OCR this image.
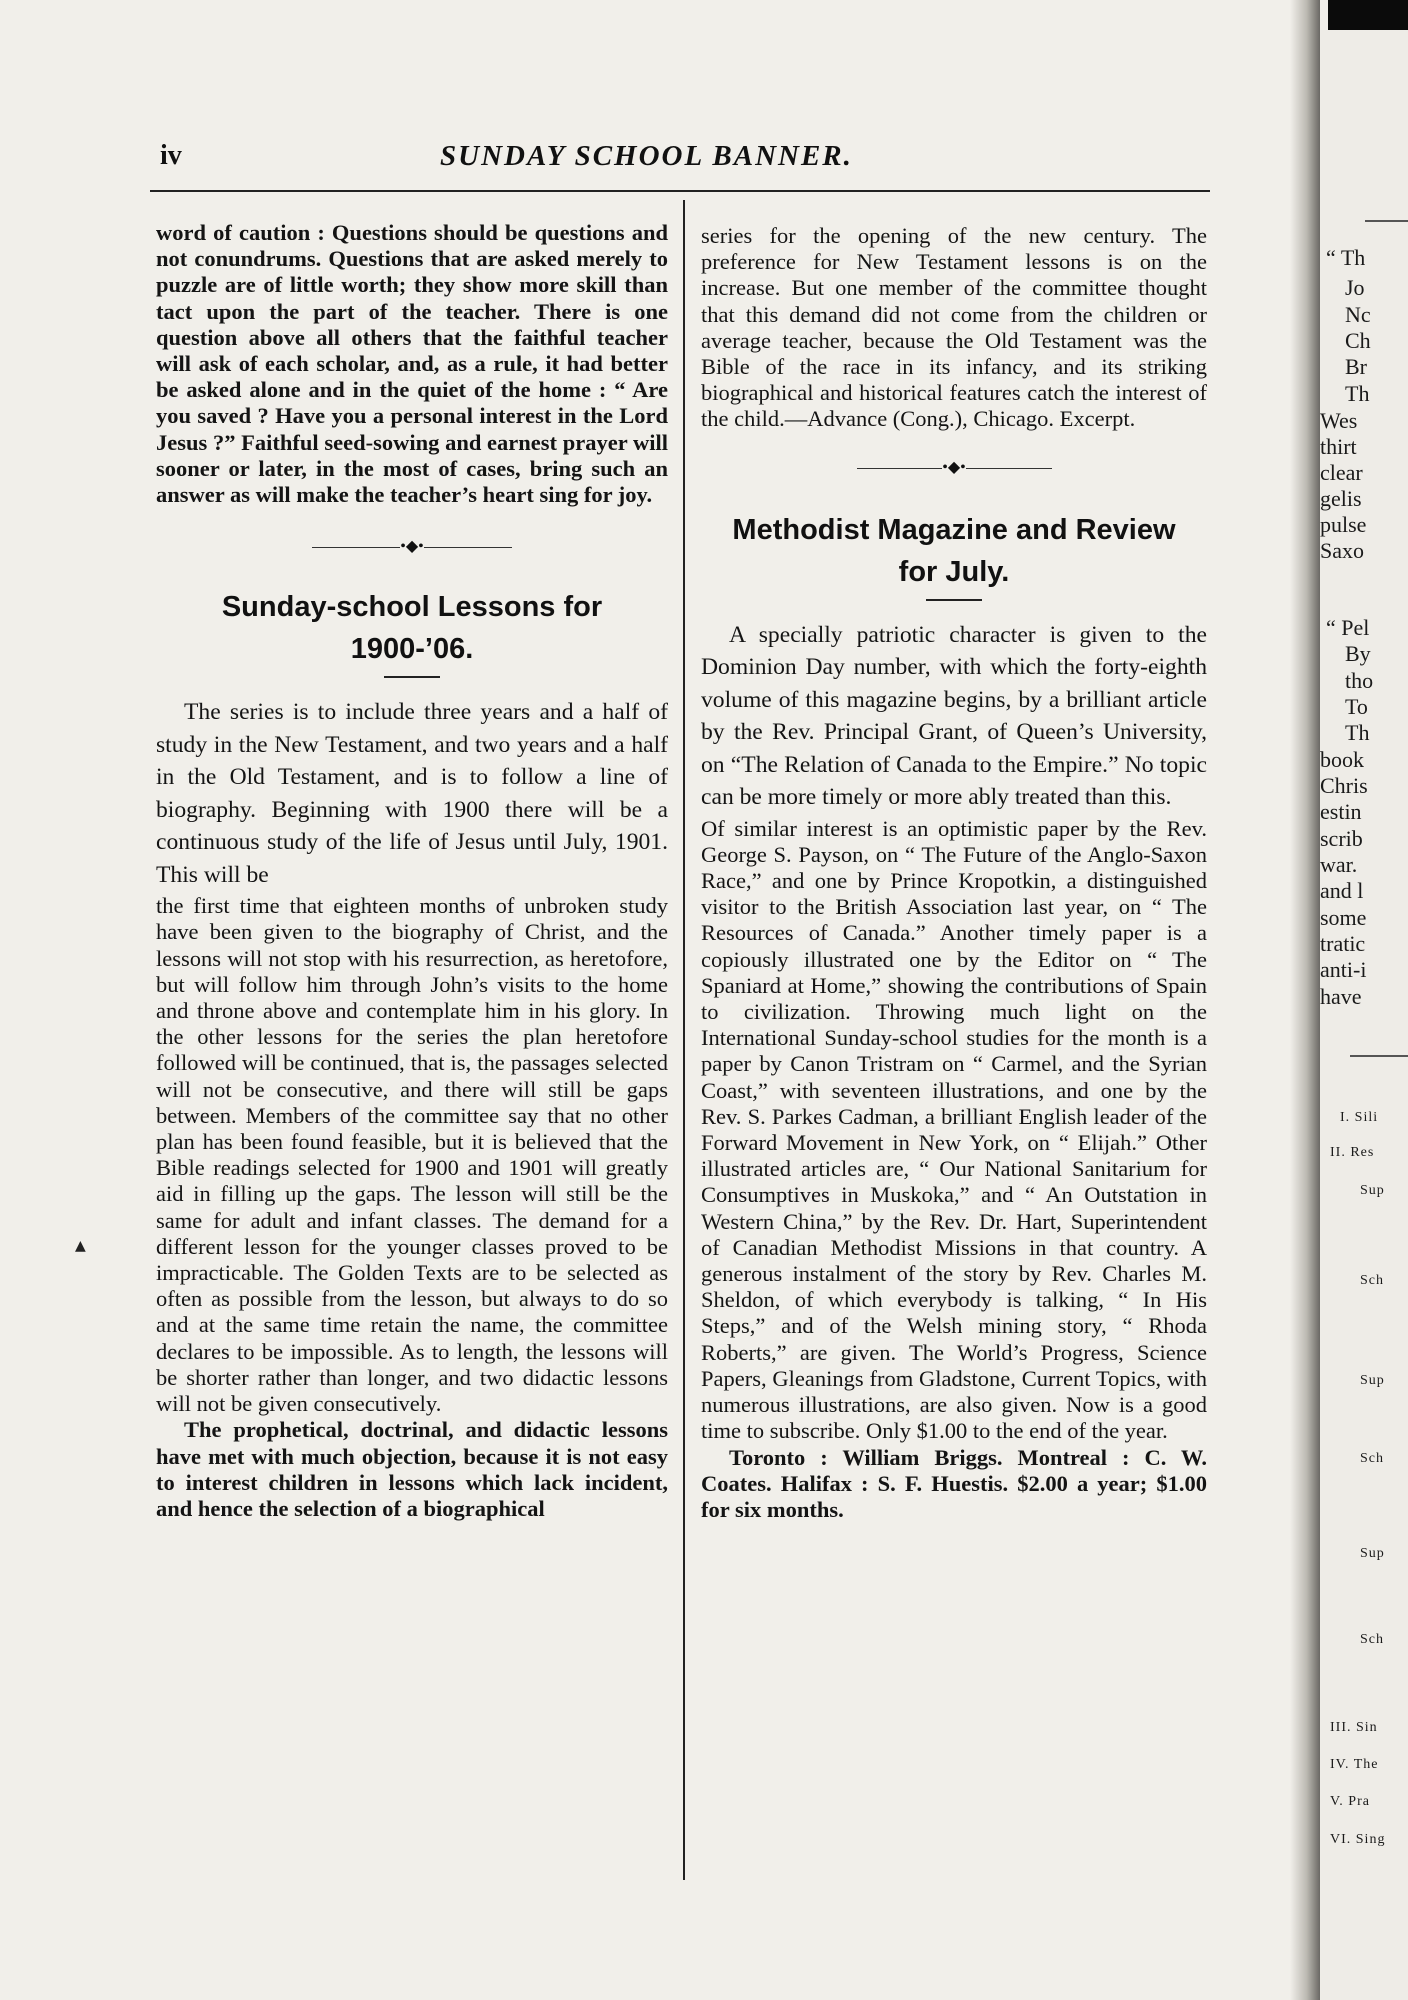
iv	SUNDAY SCHOOL BANNER.

word of caution : Questions should be questions and not conundrums. Questions that are asked merely to puzzle are of little worth; they show more skill than tact upon the part of the teacher. There is one question above all others that the faithful teacher will ask of each scholar, and, as a rule, it had better be asked alone and in the quiet of the home : “ Are you saved ? Have you a personal interest in the Lord Jesus ?” Faithful seed-sowing and earnest prayer will sooner or later, in the most of cases, bring such an answer as will make the teacher’s heart sing for joy.

•◆•
Sunday-school Lessons for 1900-’06.

The series is to include three years and a half of study in the New Testament, and two years and a half in the Old Testament, and is to follow a line of biography. Beginning with 1900 there will be a continuous study of the life of Jesus until July, 1901. This will be

the first time that eighteen months of unbroken study have been given to the biography of Christ, and the lessons will not stop with his resurrection, as heretofore, but will follow him through John’s visits to the home and throne above and contemplate him in his glory. In the other lessons for the series the plan heretofore followed will be continued, that is, the passages selected will not be consecutive, and there will still be gaps between. Members of the committee say that no other plan has been found feasible, but it is believed that the Bible readings selected for 1900 and 1901 will greatly aid in filling up the gaps. The lesson will still be the same for adult and infant classes. The demand for a different lesson for the younger classes proved to be impracticable. The Golden Texts are to be selected as often as possible from the lesson, but always to do so and at the same time retain the name, the committee declares to be impossible. As to length, the lessons will be shorter rather than longer, and two didactic lessons will not be given consecutively.

The prophetical, doctrinal, and didactic lessons have met with much objection, because it is not easy to interest children in lessons which lack incident, and hence the selection of a biographical

series for the opening of the new century. The preference for New Testament lessons is on the increase. But one member of the committee thought that this demand did not come from the children or average teacher, because the Old Testament was the Bible of the race in its infancy, and its striking biographical and historical features catch the interest of the child.—Advance (Cong.), Chicago. Excerpt.

•◆•
Methodist Magazine and Review for July.

A specially patriotic character is given to the Dominion Day number, with which the forty-eighth volume of this magazine begins, by a brilliant article by the Rev. Principal Grant, of Queen’s University, on “The Relation of Canada to the Empire.” No topic can be more timely or more ably treated than this.

Of similar interest is an optimistic paper by the Rev. George S. Payson, on “ The Future of the Anglo-Saxon Race,” and one by Prince Kropotkin, a distinguished visitor to the British Association last year, on “ The Resources of Canada.” Another timely paper is a copiously illustrated one by the Editor on “ The Spaniard at Home,” showing the contributions of Spain to civilization. Throwing much light on the International Sunday-school studies for the month is a paper by Canon Tristram on “ Carmel, and the Syrian Coast,” with seventeen illustrations, and one by the Rev. S. Parkes Cadman, a brilliant English leader of the Forward Movement in New York, on “ Elijah.” Other illustrated articles are, “ Our National Sanitarium for Consumptives in Muskoka,” and “ An Outstation in Western China,” by the Rev. Dr. Hart, Superintendent of Canadian Methodist Missions in that country. A generous instalment of the story by Rev. Charles M. Sheldon, of which everybody is talking, “ In His Steps,” and of the Welsh mining story, “ Rhoda Roberts,” are given. The World’s Progress, Science Papers, Gleanings from Gladstone, Current Topics, with numerous illustrations, are also given. Now is a good time to subscribe. Only $1.00 to the end of the year.

Toronto : William Briggs. Montreal : C. W. Coates. Halifax : S. F. Huestis. $2.00 a year; $1.00 for six months.

▲
“ Th
Jo
Nc
Ch
Br
Th
Wes
thirt
clear
gelis
pulse
Saxo
“ Pel
By
tho
To
Th
book
Chris
estin
scrib
war.
and l
some
tratic
anti-i
have
I. Sili
II. Res
Sup
Sch
Sup
Sch
Sup
Sch
III. Sin
IV. The
V. Pra
VI. Sing
